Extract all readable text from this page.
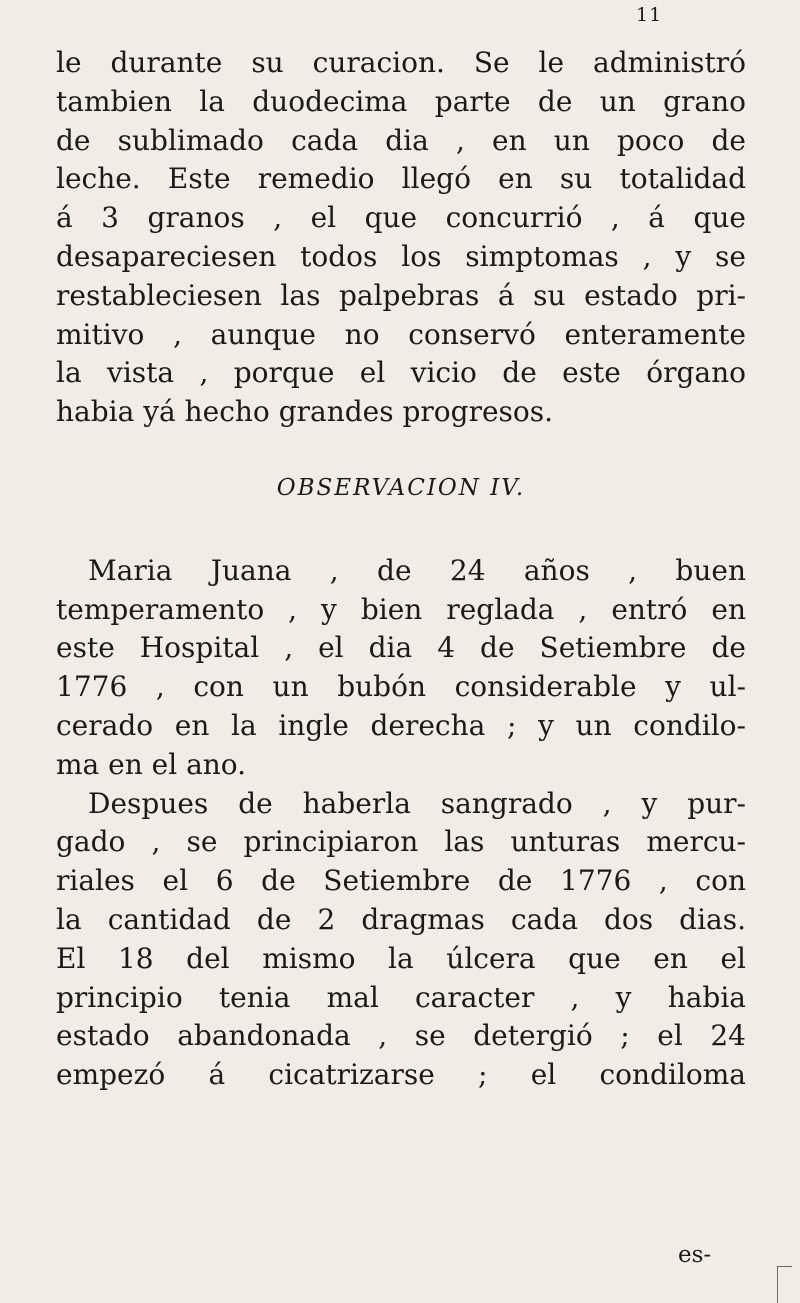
11
le durante su curacion. Se le administró
tambien la duodecima parte de un grano
de sublimado cada dia , en un poco de
leche. Este remedio llegó en su totalidad
á 3 granos , el que concurrió , á que
desapareciesen todos los simptomas , y se
restableciesen las palpebras á su estado pri-
mitivo , aunque no conservó enteramente
la vista , porque el vicio de este órgano
habia yá hecho grandes progresos.
OBSERVACION IV.
Maria Juana , de 24 años , buen
temperamento , y bien reglada , entró en
este Hospital , el dia 4 de Setiembre de
1776 , con un bubón considerable y ul-
cerado en la ingle derecha ; y un condilo-
ma en el ano.
Despues de haberla sangrado , y pur-
gado , se principiaron las unturas mercu-
riales el 6 de Setiembre de 1776 , con
la cantidad de 2 dragmas cada dos dias.
El 18 del mismo la úlcera que en el
principio tenia mal caracter , y habia
estado abandonada , se detergió ; el 24
empezó á cicatrizarse ; el condiloma
es-
